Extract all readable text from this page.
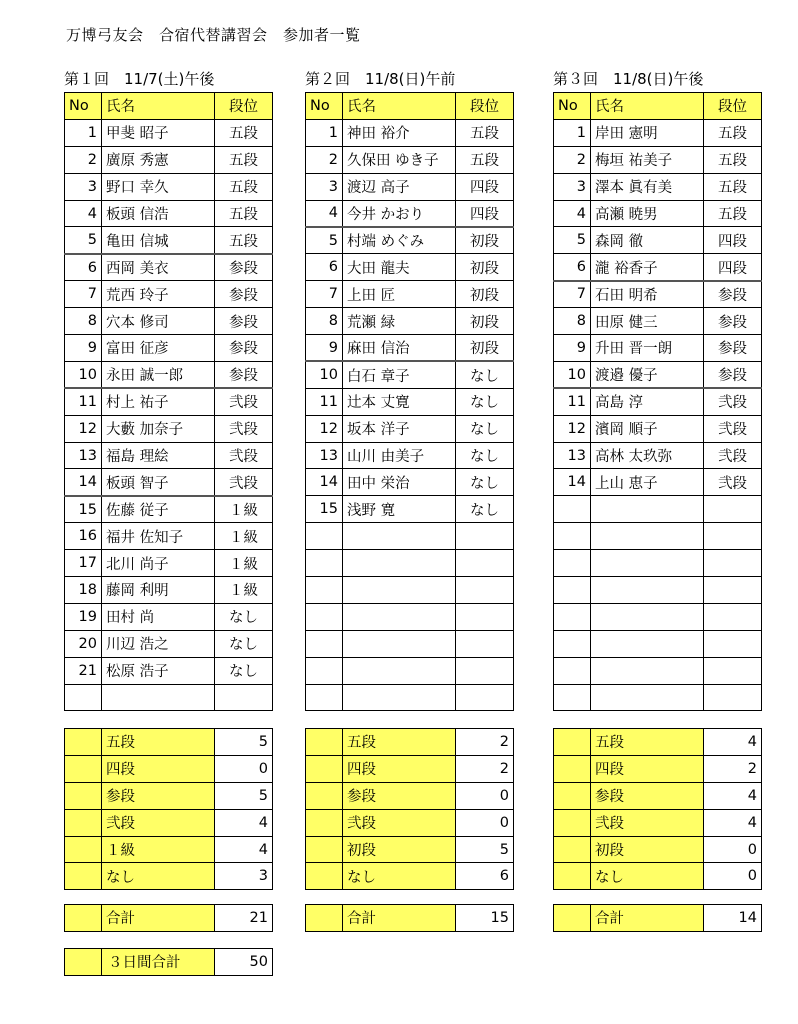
万博弓友会　合宿代替講習会　参加者一覧
第１回　11/7(土)午後
No	氏名	段位
1	甲斐 昭子	五段
2	廣原 秀憲	五段
3	野口 幸久	五段
4	板頭 信浩	五段
5	亀田 信城	五段
6	西岡 美衣	参段
7	荒西 玲子	参段
8	穴本 修司	参段
9	富田 征彦	参段
10	永田 誠一郎	参段
11	村上 祐子	弐段
12	大藪 加奈子	弐段
13	福島 理絵	弐段
14	板頭 智子	弐段
15	佐藤 従子	１級
16	福井 佐知子	１級
17	北川 尚子	１級
18	藤岡 利明	１級
19	田村 尚	なし
20	川辺 浩之	なし
21	松原 浩子	なし

	五段	5
	四段	0
	参段	5
	弐段	4
	１級	4
	なし	3
	合計	21
	３日間合計	50
第２回　11/8(日)午前
No	氏名	段位
1	神田 裕介	五段
2	久保田 ゆき子	五段
3	渡辺 高子	四段
4	今井 かおり	四段
5	村端 めぐみ	初段
6	大田 龍夫	初段
7	上田 匠	初段
8	荒瀬 緑	初段
9	麻田 信治	初段
10	白石 章子	なし
11	辻本 丈寛	なし
12	坂本 洋子	なし
13	山川 由美子	なし
14	田中 栄治	なし
15	浅野 寛	なし

	五段	2
	四段	2
	参段	0
	弐段	0
	初段	5
	なし	6
	合計	15
第３回　11/8(日)午後
No	氏名	段位
1	岸田 憲明	五段
2	梅垣 祐美子	五段
3	澤本 眞有美	五段
4	高瀬 暁男	五段
5	森岡 徹	四段
6	瀧 裕香子	四段
7	石田 明希	参段
8	田原 健三	参段
9	升田 晋一朗	参段
10	渡邉 優子	参段
11	高島 淳	弐段
12	濱岡 順子	弐段
13	高林 太玖弥	弐段
14	上山 恵子	弐段

	五段	4
	四段	2
	参段	4
	弐段	4
	初段	0
	なし	0
	合計	14
